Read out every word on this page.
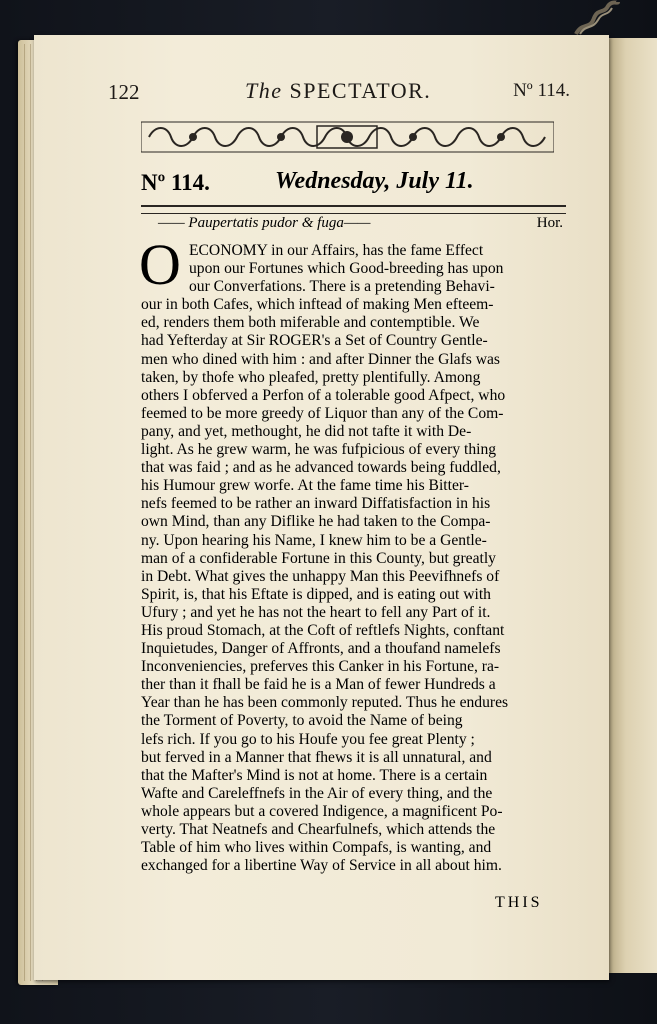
122	The SPECTATOR.	Nº 114.
Nº 114.	Wednesday, July 11.
—— Paupertatis pudor & fuga——	Hor.
O ECONOMY in our Affairs, has the fame Effect
upon our Fortunes which Good-breeding has upon
our Converfations. There is a pretending Behavi-
our in both Cafes, which inftead of making Men efteem-
ed, renders them both miferable and contemptible. We
had Yefterday at Sir ROGER's a Set of Country Gentle-
men who dined with him : and after Dinner the Glafs was
taken, by thofe who pleafed, pretty plentifully. Among
others I obferved a Perfon of a tolerable good Afpect, who
feemed to be more greedy of Liquor than any of the Com-
pany, and yet, methought, he did not tafte it with De-
light. As he grew warm, he was fufpicious of every thing
that was faid ; and as he advanced towards being fuddled,
his Humour grew worfe. At the fame time his Bitter-
nefs feemed to be rather an inward Diffatisfaction in his
own Mind, than any Diflike he had taken to the Compa-
ny. Upon hearing his Name, I knew him to be a Gentle-
man of a confiderable Fortune in this County, but greatly
in Debt. What gives the unhappy Man this Peevifhnefs of
Spirit, is, that his Eftate is dipped, and is eating out with
Ufury ; and yet he has not the heart to fell any Part of it.
His proud Stomach, at the Coft of reftlefs Nights, conftant
Inquietudes, Danger of Affronts, and a thoufand namelefs
Inconveniencies, preferves this Canker in his Fortune, ra-
ther than it fhall be faid he is a Man of fewer Hundreds a
Year than he has been commonly reputed. Thus he endures
the Torment of Poverty, to avoid the Name of being
lefs rich. If you go to his Houfe you fee great Plenty ;
but ferved in a Manner that fhews it is all unnatural, and
that the Mafter's Mind is not at home. There is a certain
Wafte and Careleffnefs in the Air of every thing, and the
whole appears but a covered Indigence, a magnificent Po-
verty. That Neatnefs and Chearfulnefs, which attends the
Table of him who lives within Compafs, is wanting, and
exchanged for a libertine Way of Service in all about him.
THIS
